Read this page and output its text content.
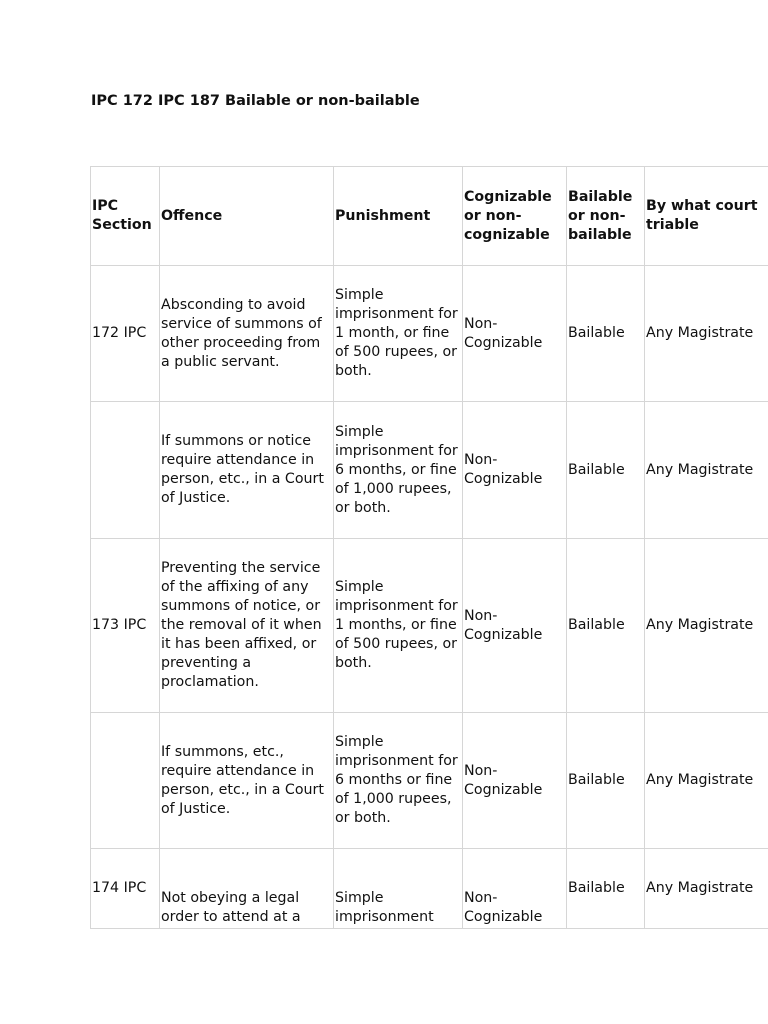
IPC 172 IPC 187 Bailable or non-bailable
IPC Section	Offence	Punishment	Cognizable or non-cognizable	Bailable or non-bailable	By what court triable
172 IPC	Absconding to avoid service of summons of other proceeding from a public servant.	Simple imprisonment for 1 month, or fine of 500 rupees, or both.	Non-Cognizable	Bailable	Any Magistrate
	If summons or notice require attendance in person, etc., in a Court of Justice.	Simple imprisonment for 6 months, or fine of 1,000 rupees, or both.	Non-Cognizable	Bailable	Any Magistrate
173 IPC	Preventing the service of the affixing of any summons of notice, or the removal of it when it has been affixed, or preventing a proclamation.	Simple imprisonment for 1 months, or fine of 500 rupees, or both.	Non-Cognizable	Bailable	Any Magistrate
	If summons, etc., require attendance in person, etc., in a Court of Justice.	Simple imprisonment for 6 months or fine of 1,000 rupees, or both.	Non-Cognizable	Bailable	Any Magistrate
174 IPC	Not obeying a legal order to attend at a	Simple imprisonment	Non-Cognizable	Bailable	Any Magistrate
